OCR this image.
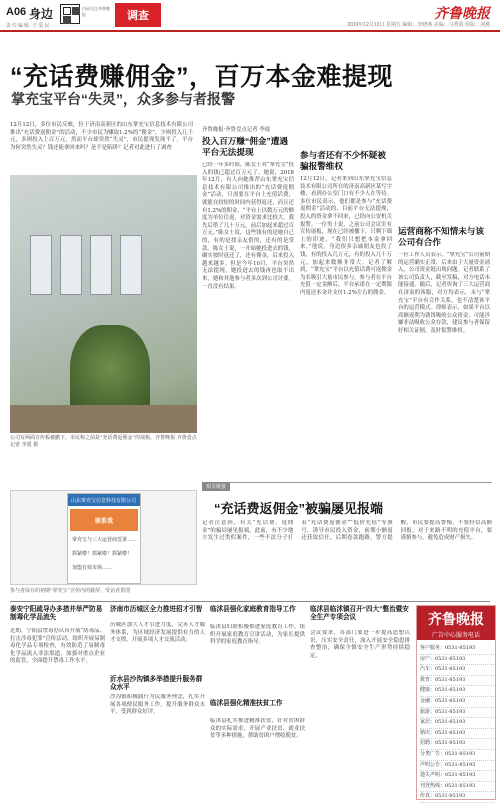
A06 身边
责任编辑 王爱民
扫码关注齐鲁晚报	调查	齐鲁晚报
2019年12月13日 星期五 编辑：李晓燕 美编：马秀霞 组版：刘燕
“充话费赚佣金”，百万本金难提现
掌充宝平台“失灵”，众多参与者报警
12月12日，多位市民反映，位于济南高新区的山东掌充宝信息技术有限公司推出“充话费返佣金”的活动，不少市民为赚取1.2%的“佣金”，少则投入几千元，多则投入上百万元，然而平台却突然“失灵”，市民提现发现不了。平台为何突然失灵？钱还能拿回来吗？是不是陷阱？记者对此进行了调查
公司有两面宣传板被撤下，市民称之前是“充话费返佣金”的展板。齐鲁晚报·齐鲁壹点记者 李震 摄
山东掌充宝信息科技有限公司
联系我
掌充宝与三大运营商签署……
抓紧啦！抓紧啦！抓紧啦！
加盟有效市场……
参与者保存的初期“掌充宝”宣传内的截屏。受访者供图
齐鲁晚报·齐鲁壹点记者 李震
投入百万赚“佣金”遭遇平台无法提现
已经一年多时间，陈女士对“掌充宝”投入的钱已超过百万元了。她说，2018年12月，有人向她推荐山东掌充宝信息技术有限公司推出的“充话费返佣金”活动，只需要在平台上充值话费，就能在较短的时间内获得返还，而且还有1.2%的佣金。“平台上以数万元的额度为单位往返，对资金需求比较大，我先后借了几十万元，前后加起来超过百万元。”陈女士说，这些钱有的是她自己的，有的是找亲友借的，还有的是贷款。陈女士说，一开始她投进去的钱，确实按时返还了，还有佣金，后来投入越来越多。但是今年10月，平台突然无法提现，她投进去的钱再也取不出来，她和其他参与者多次到公司讨要，一直没有结果。
参与者还有不少怀疑被骗报警维权
12月12日，记者来到山东掌充宝信息技术有限公司所在的济南高新区某写字楼，看到办公室门口有不少人在等待。多位市民表示，他们都是参与“充话费返佣金”活动的，目前平台无法提现，投入的资金拿不回来，已经向公安机关报警。一位男士说，之前公司会议室有宣传展板，现在已经被撤下，只剩下墙上的印迹。“我们只想把本金拿回来。”他说，身边很多亲戚朋友也投了钱，有的投入几万元，有的投入几十万元，加起来数额非常大。记者了解到，“掌充宝”平台以充值话费可返佣金为名吸引大量市民参与，参与者在平台充值一定金额后，平台承诺在一定期限内返还本金并支付1.2%左右的佣金。
运营商称不知情未与该公司有合作
一位工作人员表示，“掌充宝”公司前期的运营确实正常，后来由于大量资金涌入，公司资金链出现问题。记者联系了该公司负责人，截至发稿，对方电话未能接通。随后，记者咨询了三大运营商在济南的客服，对方均表示，未与“掌充宝”平台有合作关系，也不清楚该平台的运营模式。律师表示，如果平台以高额返利为诱饵吸收公众资金，可能涉嫌非法吸收公众存款，建议参与者保留好相关证据，及时报警维权。
相关链接
“充话费返佣金”被骗屡见报端
记者注意到，有关“充话费、返佣金”的骗局屡见报端。此前，有不少地方发生过类似案件，一些不法分子打着“充话费返佣金”“低价充值”等旗号，诱导市民投入资金，前期小额返还获取信任，后期卷款跑路。警方提醒，市民要提高警惕，不要轻信高额回报，对于来路不明的充值平台，要谨慎参与，避免造成财产损失。
泰安宁阳疏导办多措并举严防易制毒化学品流失
近期，宁阳县禁毒办认真开展“防毒品、打击涉毒犯罪”宣传活动，组织开展易制毒化学品专项检查，有效防范了易制毒化学品流入非法渠道，加强对重点企业的监管，全面提升禁毒工作水平。
济南市历城区全力推进招才引智
历城区加大人才引进力度，完善人才服务体系，为区域经济发展提供有力的人才支撑，开展多项人才交流活动。
沂水县沙沟镇多举措提升服务群众水平
沙沟镇积极践行为民服务理念，扎实开展各项便民服务工作，提升服务群众水平，受到群众好评。
临沭县强化家庭教育指导工作
临沭县妇联积极推进家庭教育工作，组织开展家庭教育宣讲活动，为家长提供科学的家庭教育指导。
临沭县强化精准扶贫工作
临沭县扎实推进精准扶贫，针对贫困群众的实际需求，开展产业扶贫、就业扶贫等多种措施，帮助贫困户增收脱贫。
临沭县临沭镇召开“四大”整治暨安全生产专项会议
会议要求，各部门要进一步提高思想认识，压实安全责任，深入开展安全隐患排查整治，确保全镇安全生产形势持续稳定。
齐鲁晚报
广告中心服务电话
客户服务：0531-85193
房产：0531-85193
汽车：0531-85193
教育：0531-85193
健康：0531-85193
金融：0531-85193
旅游：0531-85193
家居：0531-85193
婚庆：0531-85193
招聘：0531-85193
分类广告：0531-85193
声明公告：0531-85193
遗失声明：0531-85193
刊登热线：0531-85193
传真：0531-85193
